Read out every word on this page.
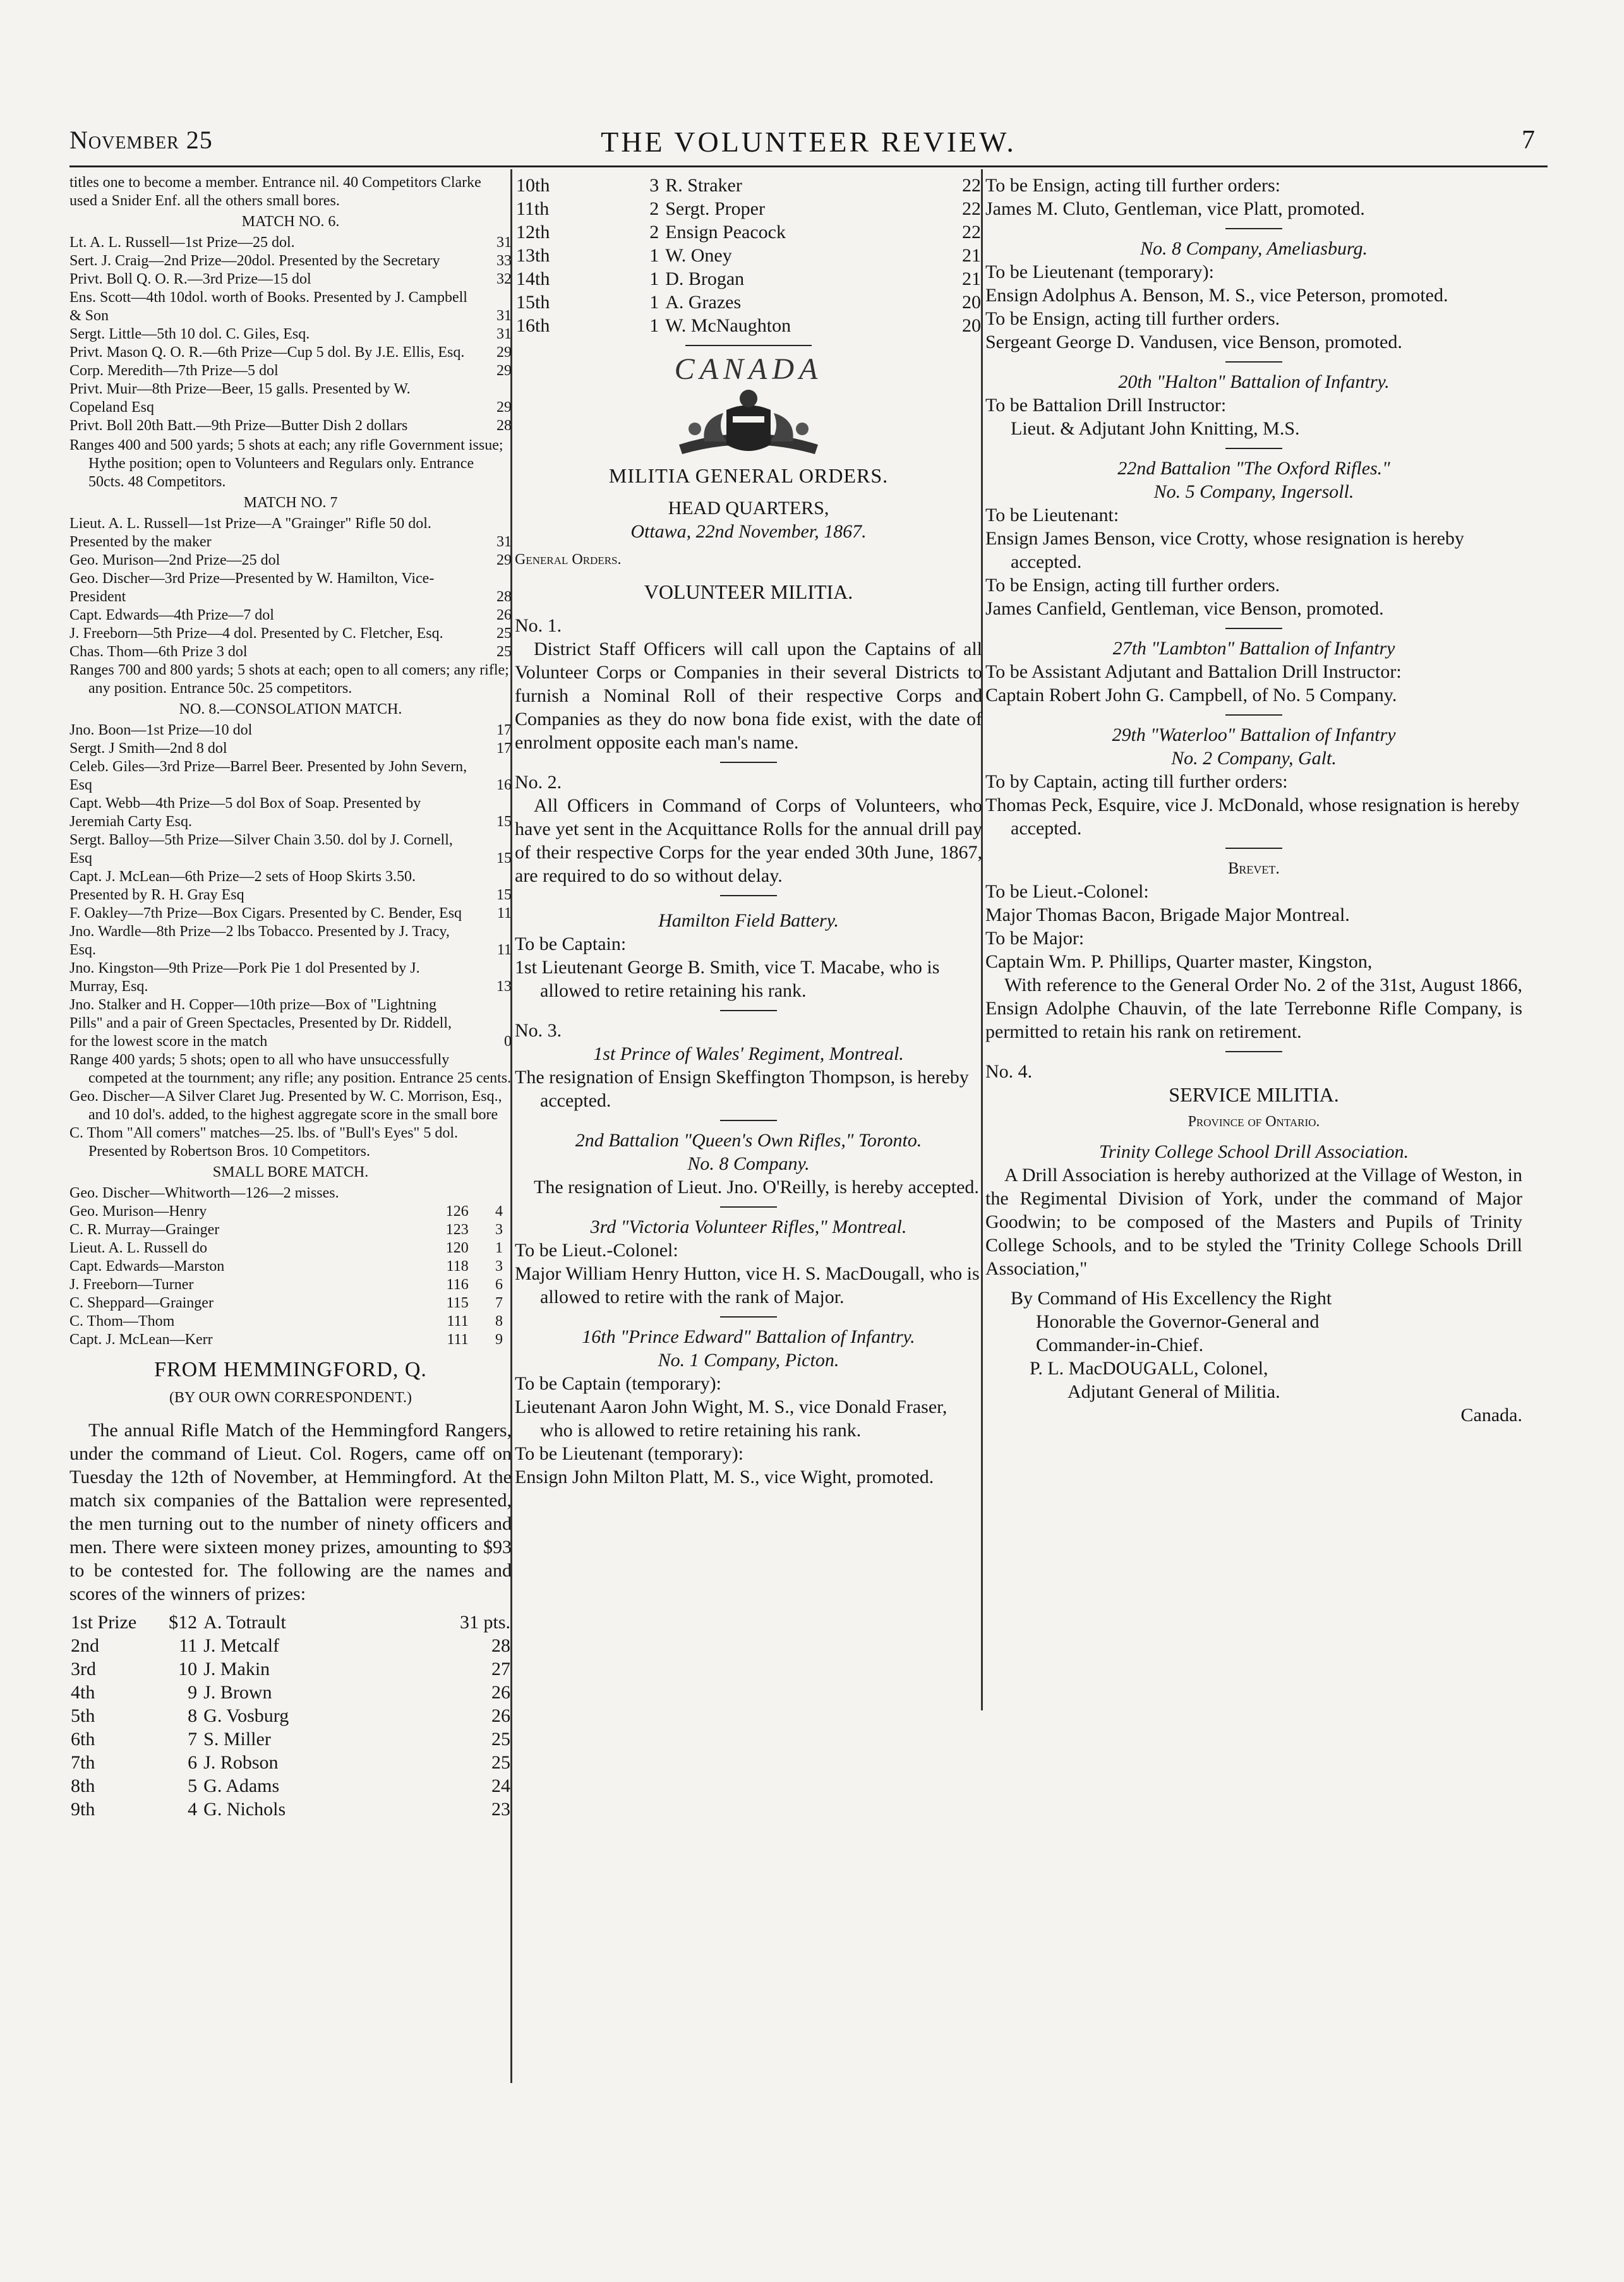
November 25	THE VOLUNTEER REVIEW.	7

titles one to become a member. Entrance nil. 40 Competitors Clarke used a Snider Enf. all the others small bores.

MATCH NO. 6.
Lt. A. L. Russell—1st Prize—25 dol.	31
Sert. J. Craig—2nd Prize—20dol. Presented by the Secretary	33
Privt. Boll Q. O. R.—3rd Prize—15 dol	32
Ens. Scott—4th 10dol. worth of Books. Presented by J. Campbell & Son	31
Sergt. Little—5th 10 dol. C. Giles, Esq.	31
Privt. Mason Q. O. R.—6th Prize—Cup 5 dol. By J.E. Ellis, Esq.	29
Corp. Meredith—7th Prize—5 dol	29
Privt. Muir—8th Prize—Beer, 15 galls. Presented by W. Copeland Esq	29
Privt. Boll 20th Batt.—9th Prize—Butter Dish 2 dollars	28

Ranges 400 and 500 yards; 5 shots at each; any rifle Government issue; Hythe position; open to Volunteers and Regulars only. Entrance 50cts. 48 Competitors.

MATCH NO. 7
Lieut. A. L. Russell—1st Prize—A "Grainger" Rifle 50 dol. Presented by the maker	31
Geo. Murison—2nd Prize—25 dol	29
Geo. Discher—3rd Prize—Presented by W. Hamilton, Vice-President	28
Capt. Edwards—4th Prize—7 dol	26
J. Freeborn—5th Prize—4 dol. Presented by C. Fletcher, Esq.	25
Chas. Thom—6th Prize 3 dol	25

Ranges 700 and 800 yards; 5 shots at each; open to all comers; any rifle; any position. Entrance 50c. 25 competitors.

NO. 8.—CONSOLATION MATCH.
Jno. Boon—1st Prize—10 dol	17
Sergt. J Smith—2nd 8 dol	17
Celeb. Giles—3rd Prize—Barrel Beer. Presented by John Severn, Esq	16
Capt. Webb—4th Prize—5 dol Box of Soap. Presented by Jeremiah Carty Esq.	15
Sergt. Balloy—5th Prize—Silver Chain 3.50. dol by J. Cornell, Esq	15
Capt. J. McLean—6th Prize—2 sets of Hoop Skirts 3.50. Presented by R. H. Gray Esq	15
F. Oakley—7th Prize—Box Cigars. Presented by C. Bender, Esq	11
Jno. Wardle—8th Prize—2 lbs Tobacco. Presented by J. Tracy, Esq.	11
Jno. Kingston—9th Prize—Pork Pie 1 dol Presented by J. Murray, Esq.	13
Jno. Stalker and H. Copper—10th prize—Box of "Lightning Pills" and a pair of Green Spectacles, Presented by Dr. Riddell, for the lowest score in the match	0

Range 400 yards; 5 shots; open to all who have unsuccessfully competed at the tournment; any rifle; any position. Entrance 25 cents.

Geo. Discher—A Silver Claret Jug. Presented by W. C. Morrison, Esq., and 10 dol's. added, to the highest aggregate score in the small bore

C. Thom "All comers" matches—25. lbs. of "Bull's Eyes" 5 dol. Presented by Robertson Bros. 10 Competitors.

SMALL BORE MATCH.

Geo. Discher—Whitworth—126—2 misses.

Geo. Murison—Henry	126	4
C. R. Murray—Grainger	123	3
Lieut. A. L. Russell do	120	1
Capt. Edwards—Marston	118	3
J. Freeborn—Turner	116	6
C. Sheppard—Grainger	115	7
C. Thom—Thom	111	8
Capt. J. McLean—Kerr	111	9
FROM HEMMINGFORD, Q.
(BY OUR OWN CORRESPONDENT.)

The annual Rifle Match of the Hemmingford Rangers, under the command of Lieut. Col. Rogers, came off on Tuesday the 12th of November, at Hemmingford. At the match six companies of the Battalion were represented, the men turning out to the number of ninety officers and men. There were sixteen money prizes, amounting to $93 to be contested for. The following are the names and scores of the winners of prizes:

1st Prize	$12	A. Totrault	31 pts.
2nd	11	J. Metcalf	28
3rd	10	J. Makin	27
4th	9	J. Brown	26
5th	8	G. Vosburg	26
6th	7	S. Miller	25
7th	6	J. Robson	25
8th	5	G. Adams	24
9th	4	G. Nichols	23
10th	3	R. Straker	22
11th	2	Sergt. Proper	22
12th	2	Ensign Peacock	22
13th	1	W. Oney	21
14th	1	D. Brogan	21
15th	1	A. Grazes	20
16th	1	W. McNaughton	20
CANADA
MILITIA GENERAL ORDERS.
HEAD QUARTERS,
Ottawa, 22nd November, 1867.
General Orders.
VOLUNTEER MILITIA.

No. 1.

District Staff Officers will call upon the Captains of all Volunteer Corps or Companies in their several Districts to furnish a Nominal Roll of their respective Corps and Companies as they do now bona fide exist, with the date of enrolment opposite each man's name.

No. 2.

All Officers in Command of Corps of Volunteers, who have yet sent in the Acquittance Rolls for the annual drill pay of their respective Corps for the year ended 30th June, 1867, are required to do so without delay.

Hamilton Field Battery.

To be Captain:

1st Lieutenant George B. Smith, vice T. Macabe, who is allowed to retire retaining his rank.

No. 3.

1st Prince of Wales' Regiment, Montreal.

The resignation of Ensign Skeffington Thompson, is hereby accepted.

2nd Battalion "Queen's Own Rifles," Toronto.
No. 8 Company.

The resignation of Lieut. Jno. O'Reilly, is hereby accepted.

3rd "Victoria Volunteer Rifles," Montreal.

To be Lieut.-Colonel:

Major William Henry Hutton, vice H. S. MacDougall, who is allowed to retire with the rank of Major.

16th "Prince Edward" Battalion of Infantry.
No. 1 Company, Picton.

To be Captain (temporary):

Lieutenant Aaron John Wight, M. S., vice Donald Fraser, who is allowed to retire retaining his rank.

To be Lieutenant (temporary):

Ensign John Milton Platt, M. S., vice Wight, promoted.

To be Ensign, acting till further orders:

James M. Cluto, Gentleman, vice Platt, promoted.

No. 8 Company, Ameliasburg.

To be Lieutenant (temporary):

Ensign Adolphus A. Benson, M. S., vice Peterson, promoted.

To be Ensign, acting till further orders.

Sergeant George D. Vandusen, vice Benson, promoted.

20th "Halton" Battalion of Infantry.

To be Battalion Drill Instructor:

Lieut. & Adjutant John Knitting, M.S.

22nd Battalion "The Oxford Rifles."
No. 5 Company, Ingersoll.

To be Lieutenant:

Ensign James Benson, vice Crotty, whose resignation is hereby accepted.

To be Ensign, acting till further orders.

James Canfield, Gentleman, vice Benson, promoted.

27th "Lambton" Battalion of Infantry

To be Assistant Adjutant and Battalion Drill Instructor:

Captain Robert John G. Campbell, of No. 5 Company.

29th "Waterloo" Battalion of Infantry
No. 2 Company, Galt.

To by Captain, acting till further orders:

Thomas Peck, Esquire, vice J. McDonald, whose resignation is hereby accepted.

Brevet.

To be Lieut.-Colonel:

Major Thomas Bacon, Brigade Major Montreal.

To be Major:

Captain Wm. P. Phillips, Quarter master, Kingston,

With reference to the General Order No. 2 of the 31st, August 1866, Ensign Adolphe Chauvin, of the late Terrebonne Rifle Company, is permitted to retain his rank on retirement.

No. 4.

SERVICE MILITIA.
Province of Ontario.
Trinity College School Drill Association.

A Drill Association is hereby authorized at the Village of Weston, in the Regimental Division of York, under the command of Major Goodwin; to be composed of the Masters and Pupils of Trinity College Schools, and to be styled the 'Trinity College Schools Drill Association,"

By Command of His Excellency the Right

Honorable the Governor-General and

Commander-in-Chief.

P. L. MacDOUGALL, Colonel,

Adjutant General of Militia.

Canada.
